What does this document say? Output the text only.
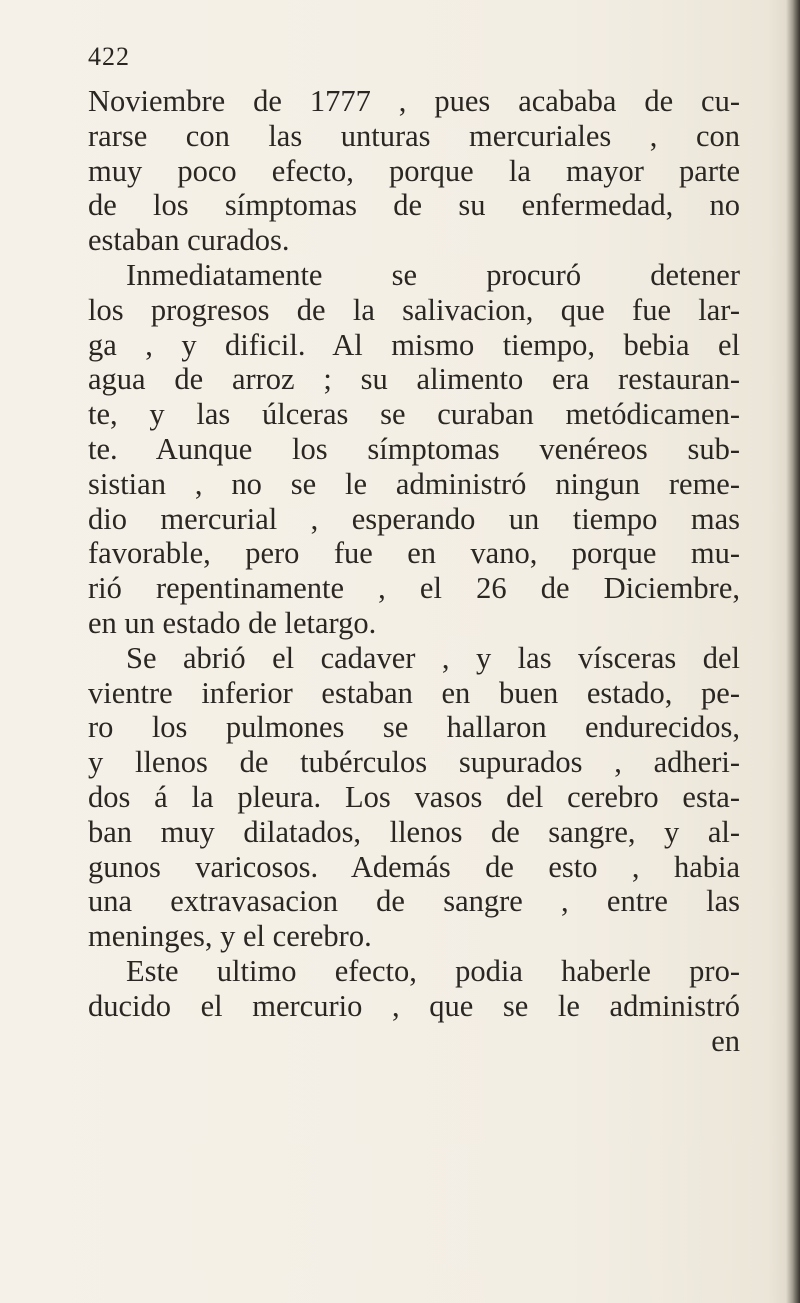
422
Noviembre de 1777 , pues acababa de cu-
rarse con las unturas mercuriales , con
muy poco efecto, porque la mayor parte
de los símptomas de su enfermedad, no
estaban curados.
Inmediatamente se procuró detener
los progresos de la salivacion, que fue lar-
ga , y dificil. Al mismo tiempo, bebia el
agua de arroz ; su alimento era restauran-
te, y las úlceras se curaban metódicamen-
te. Aunque los símptomas venéreos sub-
sistian , no se le administró ningun reme-
dio mercurial , esperando un tiempo mas
favorable, pero fue en vano, porque mu-
rió repentinamente , el 26 de Diciembre,
en un estado de letargo.
Se abrió el cadaver , y las vísceras del
vientre inferior estaban en buen estado, pe-
ro los pulmones se hallaron endurecidos,
y llenos de tubérculos supurados , adheri-
dos á la pleura. Los vasos del cerebro esta-
ban muy dilatados, llenos de sangre, y al-
gunos varicosos. Además de esto , habia
una extravasacion de sangre , entre las
meninges, y el cerebro.
Este ultimo efecto, podia haberle pro-
ducido el mercurio , que se le administró
en
